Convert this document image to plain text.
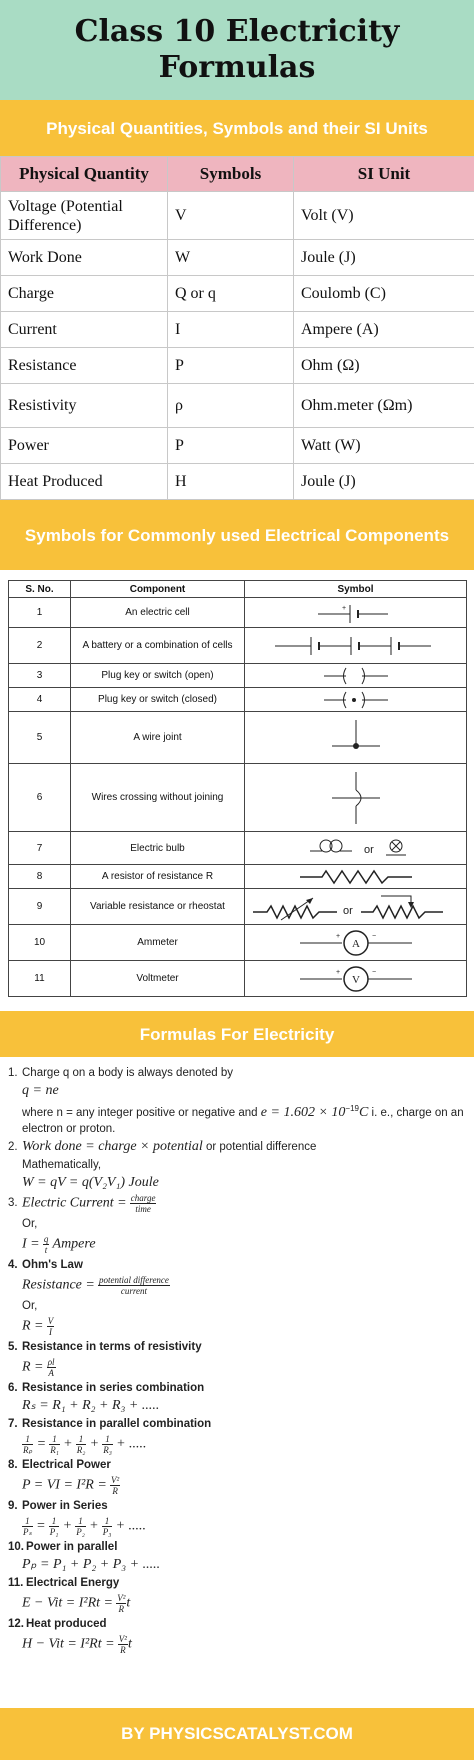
Class 10 Electricity Formulas
Physical Quantities, Symbols and their SI Units
Physical Quantity	Symbols	SI Unit
Voltage (Potential Difference)	V	Volt (V)
Work Done	W	Joule (J)
Charge	Q or q	Coulomb (C)
Current	I	Ampere (A)
Resistance	P	Ohm (Ω)
Resistivity	ρ	Ohm.meter (Ωm)
Power	P	Watt (W)
Heat Produced	H	Joule (J)
Symbols for Commonly used Electrical Components
S. No.	Component	Symbol
1	An electric cell	+

2	A battery or a combination of cells	

3	Plug key or switch (open)	

4	Plug key or switch (closed)	

5	A wire joint	

6	Wires crossing without joining	

7	Electric bulb	or

8	A resistor of resistance R	

9	Variable resistance or rheostat	or

10	Ammeter	A
+ −

11	Voltmeter	V
+ −
Formulas For Electricity
1. Charge q on a body is always denoted by
q = ne
where n = any integer positive or negative and $e = 1.602 \times 10^{-19}C$ i. e., charge on an electron or proton.
2. Work done = charge × potential or potential difference
Mathematically,
W = qV = q(V₂V₁) Joule
3. Electric Current = $\frac{\text{charge}}{\text{time}}$
Or,
$I = \frac{q}{t}$ Ampere
4. Ohm's Law
Resistance = $\frac{\text{potential difference}}{\text{current}}$
Or,
$R = \frac{V}{I}$
5. Resistance in terms of resistivity
$R = \frac{\rho l}{A}$
6. Resistance in series combination
Rₛ = R₁ + R₂ + R₃ + .....
7. Resistance in parallel combination
$\frac{1}{\text{Rₚ}} = \frac{1}{\text{R₁}} + \frac{1}{\text{R₂}} + \frac{1}{\text{R₃}}$ + .....
8. Electrical Power
P = VI = $I^2R = \frac{\text{V²}}{R}$
9. Power in Series
$\frac{1}{\text{Pₛ}} = \frac{1}{\text{P₁}} + \frac{1}{\text{P₂}} + \frac{1}{\text{P₃}}$ + .....
10. Power in parallel
Pₚ = P₁ + P₂ + P₃ + .....
11. Electrical Energy
E − Vit = $I^2Rt = \frac{\text{V²}}{R}$ t
12. Heat produced
H − Vit = $I^2Rt = \frac{\text{V²}}{R}$ t
BY PHYSICSCATALYST.COM
